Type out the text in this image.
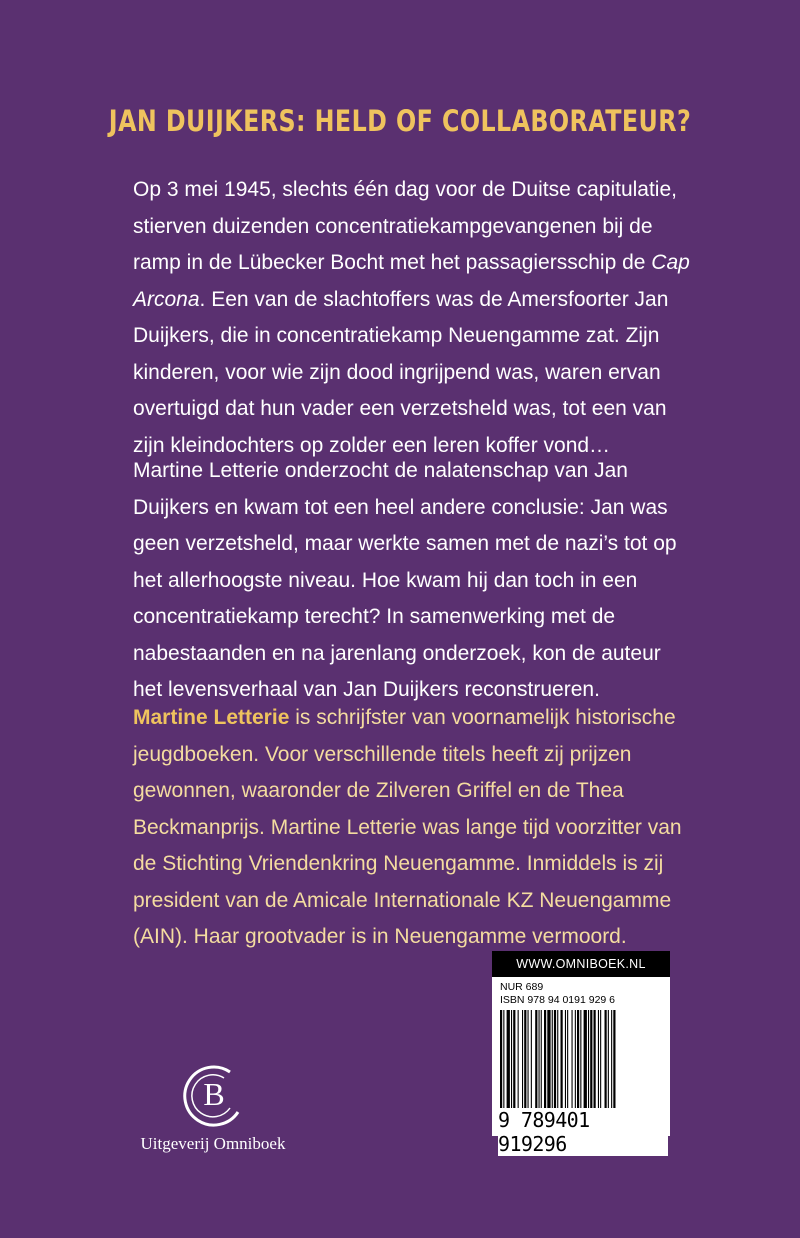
JAN DUIJKERS: HELD OF COLLABORATEUR?

Op 3 mei 1945, slechts één dag voor de Duitse capitulatie, stierven duizenden concentratiekampgevangenen bij de ramp in de Lübecker Bocht met het passagiersschip de Cap Arcona. Een van de slachtoffers was de Amersfoorter Jan Duijkers, die in concentratiekamp Neuengamme zat. Zijn kinderen, voor wie zijn dood ingrijpend was, waren ervan overtuigd dat hun vader een verzetsheld was, tot een van zijn kleindochters op zolder een leren koffer vond…

Martine Letterie onderzocht de nalatenschap van Jan Duijkers en kwam tot een heel andere conclusie: Jan was geen verzetsheld, maar werkte samen met de nazi’s tot op het allerhoogste niveau. Hoe kwam hij dan toch in een concentratiekamp terecht? In samenwerking met de nabestaanden en na jarenlang onderzoek, kon de auteur het levensverhaal van Jan Duijkers reconstrueren.

Martine Letterie is schrijfster van voornamelijk historische jeugdboeken. Voor verschillende titels heeft zij prijzen gewonnen, waaronder de Zilveren Griffel en de Thea Beckmanprijs. Martine Letterie was lange tijd voorzitter van de Stichting Vriendenkring Neuengamme. Inmiddels is zij president van de Amicale Internationale KZ Neuengamme (AIN). Haar grootvader is in Neuengamme vermoord.

WWW.OMNIBOEK.NL
NUR 689
ISBN 978 94 0191 929 6
9 789401 919296
B
Uitgeverij Omniboek
